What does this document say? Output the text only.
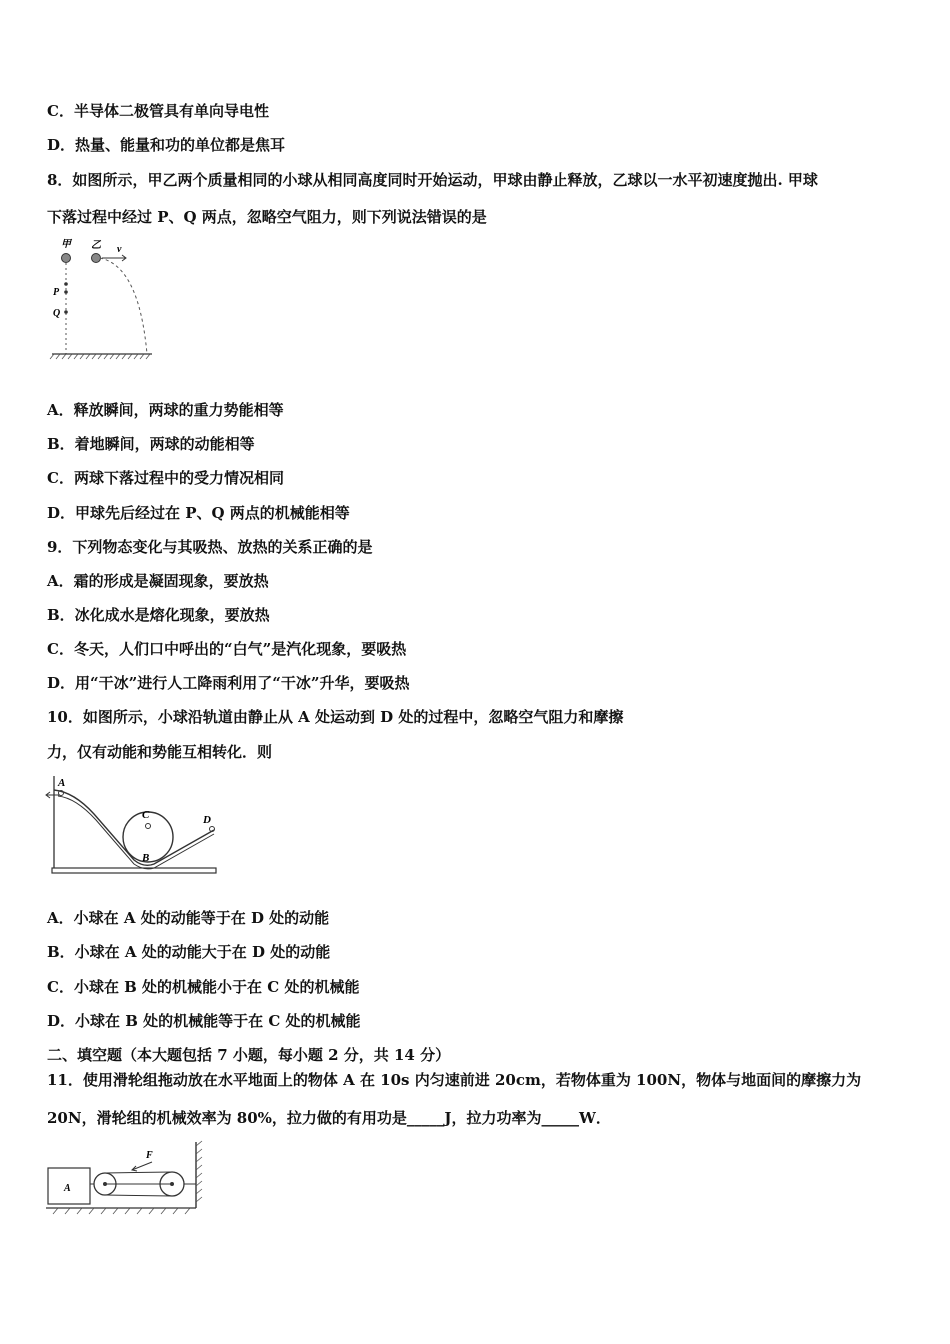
C．半导体二极管具有单向导电性
D．热量、能量和功的单位都是焦耳
8．如图所示，甲乙两个质量相同的小球从相同高度同时开始运动，甲球由静止释放，乙球以一水平初速度抛出. 甲球
下落过程中经过 P、Q 两点，忽略空气阻力，则下列说法错误的是
甲 乙 v
P
Q
A．释放瞬间，两球的重力势能相等
B．着地瞬间，两球的动能相等
C．两球下落过程中的受力情况相同
D．甲球先后经过在 P、Q 两点的机械能相等
9．下列物态变化与其吸热、放热的关系正确的是
A．霜的形成是凝固现象，要放热
B．冰化成水是熔化现象，要放热
C．冬天，人们口中呼出的“白气”是汽化现象，要吸热
D．用“干冰”进行人工降雨利用了“干冰”升华，要吸热
10．如图所示，小球沿轨道由静止从 A 处运动到 D 处的过程中，忽略空气阻力和摩擦
力，仅有动能和势能互相转化．则
A
C
B
D
A．小球在 A 处的动能等于在 D 处的动能
B．小球在 A 处的动能大于在 D 处的动能
C．小球在 B 处的机械能小于在 C 处的机械能
D．小球在 B 处的机械能等于在 C 处的机械能
二、填空题（本大题包括 7 小题，每小题 2 分，共 14 分）
11．使用滑轮组拖动放在水平地面上的物体 A 在 10s 内匀速前进 20cm，若物体重为 100N，物体与地面间的摩擦力为
20N，滑轮组的机械效率为 80%，拉力做的有用功是_____J，拉力功率为_____W．
A
F
